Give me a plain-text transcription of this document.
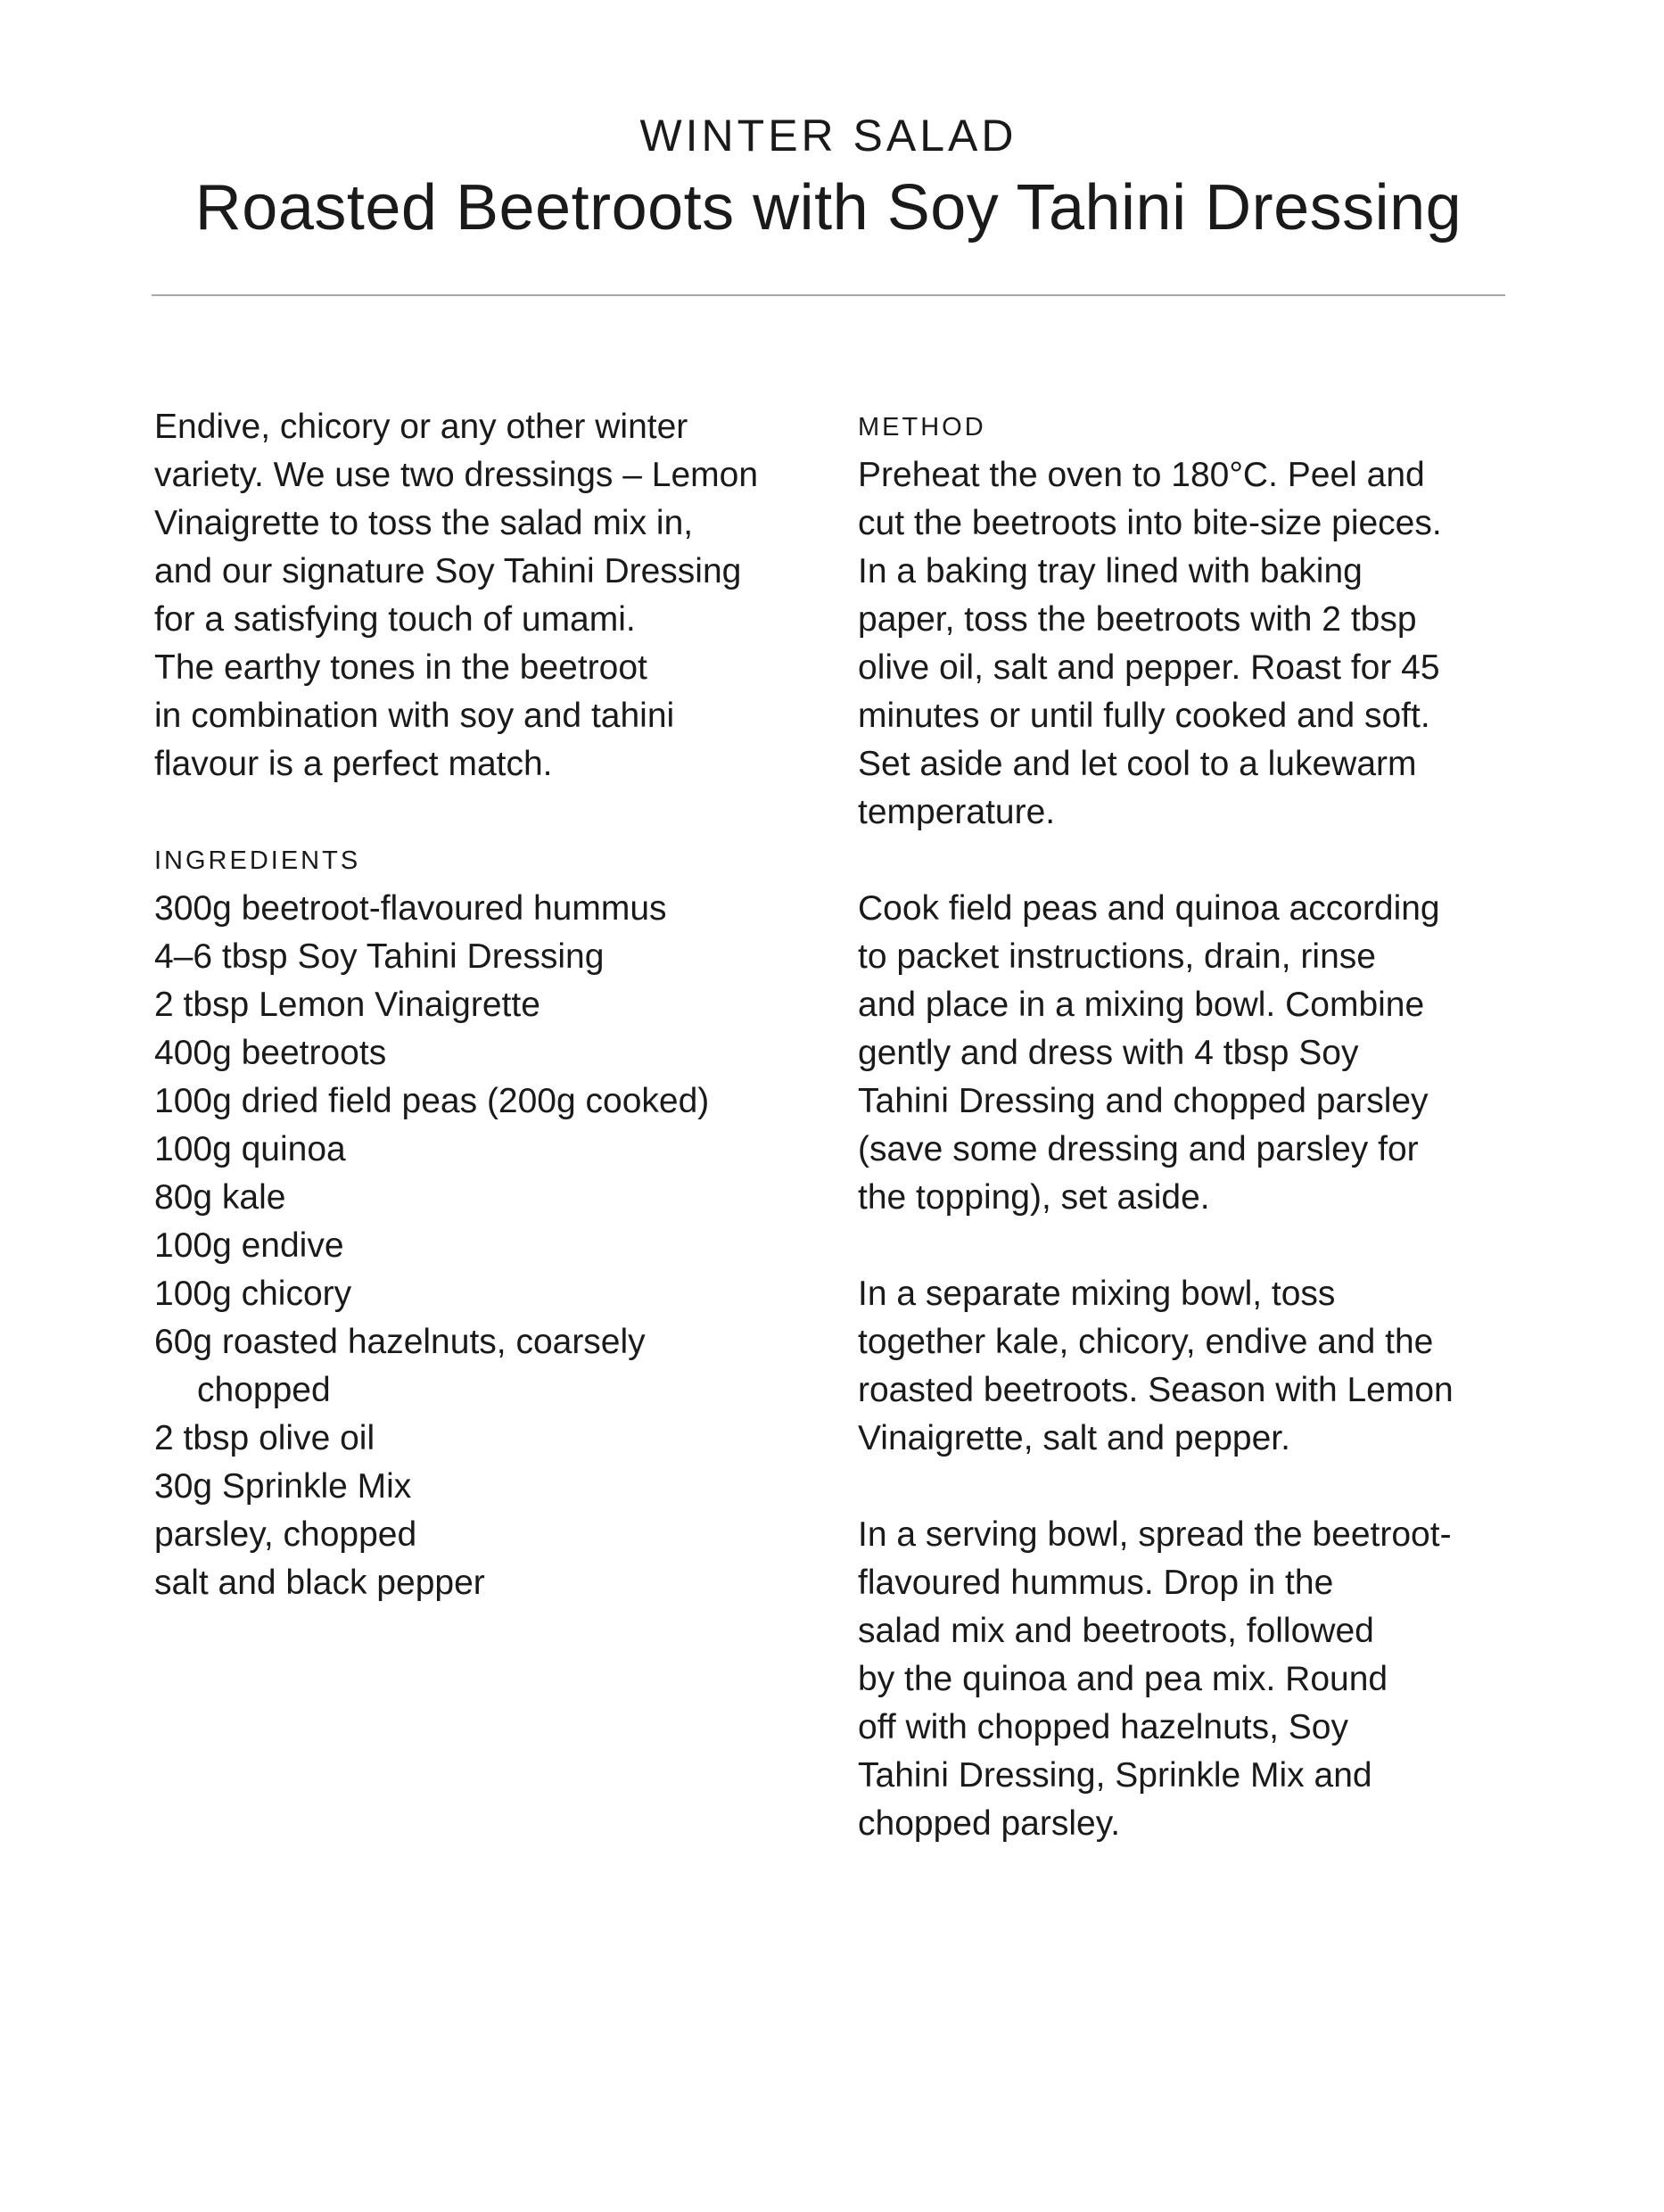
WINTER SALAD

Roasted Beetroots with Soy Tahini Dressing

Endive, chicory or any other winter
variety. We use two dressings – Lemon
Vinaigrette to toss the salad mix in,
and our signature Soy Tahini Dressing
for a satisfying touch of umami.
The earthy tones in the beetroot
in combination with soy and tahini
flavour is a perfect match.

INGREDIENTS

300g beetroot-flavoured hummus
4–6 tbsp Soy Tahini Dressing
2 tbsp Lemon Vinaigrette
400g beetroots
100g dried field peas (200g cooked)
100g quinoa
80g kale
100g endive
100g chicory
60g roasted hazelnuts, coarsely
chopped
2 tbsp olive oil
30g Sprinkle Mix
parsley, chopped
salt and black pepper

METHOD

Preheat the oven to 180°C. Peel and
cut the beetroots into bite-size pieces.
In a baking tray lined with baking
paper, toss the beetroots with 2 tbsp
olive oil, salt and pepper. Roast for 45
minutes or until fully cooked and soft.
Set aside and let cool to a lukewarm
temperature.

Cook field peas and quinoa according
to packet instructions, drain, rinse
and place in a mixing bowl. Combine
gently and dress with 4 tbsp Soy
Tahini Dressing and chopped parsley
(save some dressing and parsley for
the topping), set aside.

In a separate mixing bowl, toss
together kale, chicory, endive and the
roasted beetroots. Season with Lemon
Vinaigrette, salt and pepper.

In a serving bowl, spread the beetroot-
flavoured hummus. Drop in the
salad mix and beetroots, followed
by the quinoa and pea mix. Round
off with chopped hazelnuts, Soy
Tahini Dressing, Sprinkle Mix and
chopped parsley.
